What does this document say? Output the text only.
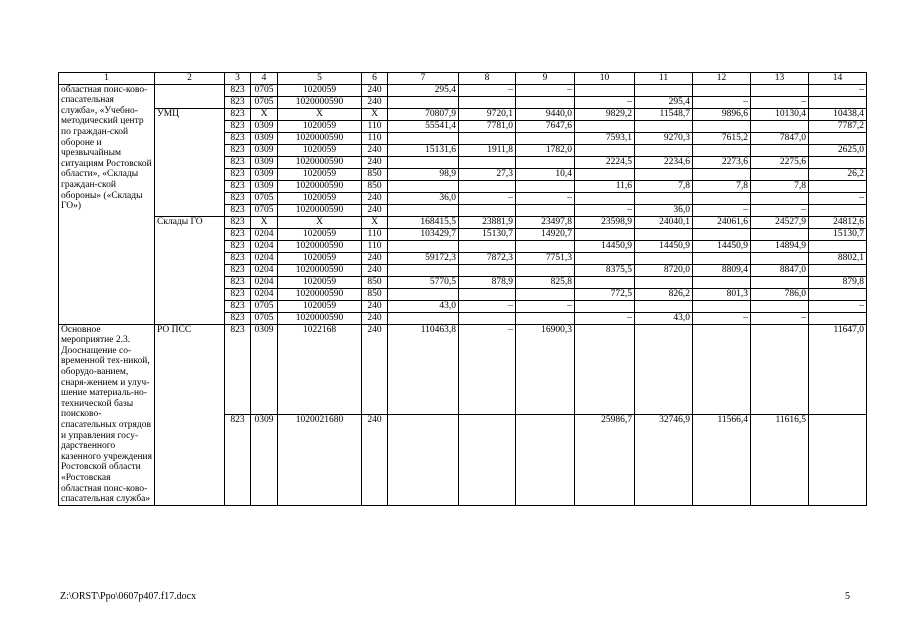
1	2	3	4	5	6	7	8	9	10	11	12	13	14
областная поис-ково-спасательная служба», «Учебно-методический центр по граждан-ской обороне и чрезвычайным ситуациям Ростовской области», «Склады граждан-ской обороны» («Склады ГО»)		823	0705	1020059	240	295,4	–	–					–
		823	0705	1020000590	240				–	295,4	–	–	
	УМЦ	823	Х	Х	Х	70807,9	9720,1	9440,0	9829,2	11548,7	9896,6	10130,4	10438,4
		823	0309	1020059	110	55541,4	7781,0	7647,6					7787,2
		823	0309	1020000590	110				7593,1	9270,3	7615,2	7847,0	
		823	0309	1020059	240	15131,6	1911,8	1782,0					2625,0
		823	0309	1020000590	240				2224,5	2234,6	2273,6	2275,6	
		823	0309	1020059	850	98,9	27,3	10,4					26,2
		823	0309	1020000590	850				11,6	7,8	7,8	7,8	
		823	0705	1020059	240	36,0	–	–					–
		823	0705	1020000590	240				–	36,0	–	–	
	Склады ГО	823	Х	Х	Х	168415,5	23881,9	23497,8	23598,9	24040,1	24061,6	24527,9	24812,6
		823	0204	1020059	110	103429,7	15130,7	14920,7					15130,7
		823	0204	1020000590	110				14450,9	14450,9	14450,9	14894,9	
		823	0204	1020059	240	59172,3	7872,3	7751,3					8802,1
		823	0204	1020000590	240				8375,5	8720,0	8809,4	8847,0	
		823	0204	1020059	850	5770,5	878,9	825,8					879,8
		823	0204	1020000590	850				772,5	826,2	801,3	786,0	
		823	0705	1020059	240	43,0	–	–					–
		823	0705	1020000590	240				–	43,0	–	–	
Основное мероприятие 2.3. Дооснащение со-временной тех-никой, оборудо-ванием, снаря-жением и улуч-шение материаль-но-технической базы поисково-спасательных отрядов и управления госу-дарственного казенного учреждения Ростовской области «Ростовская областная поис-ково-спасательная служба»	РО ПСС	823	0309	1022168	240	110463,8	–	16900,3					11647,0
		823	0309	1020021680	240				25986,7	32746,9	11566,4	11616,5	
Z:\ORST\Ppo\0607p407.f17.docx	5
